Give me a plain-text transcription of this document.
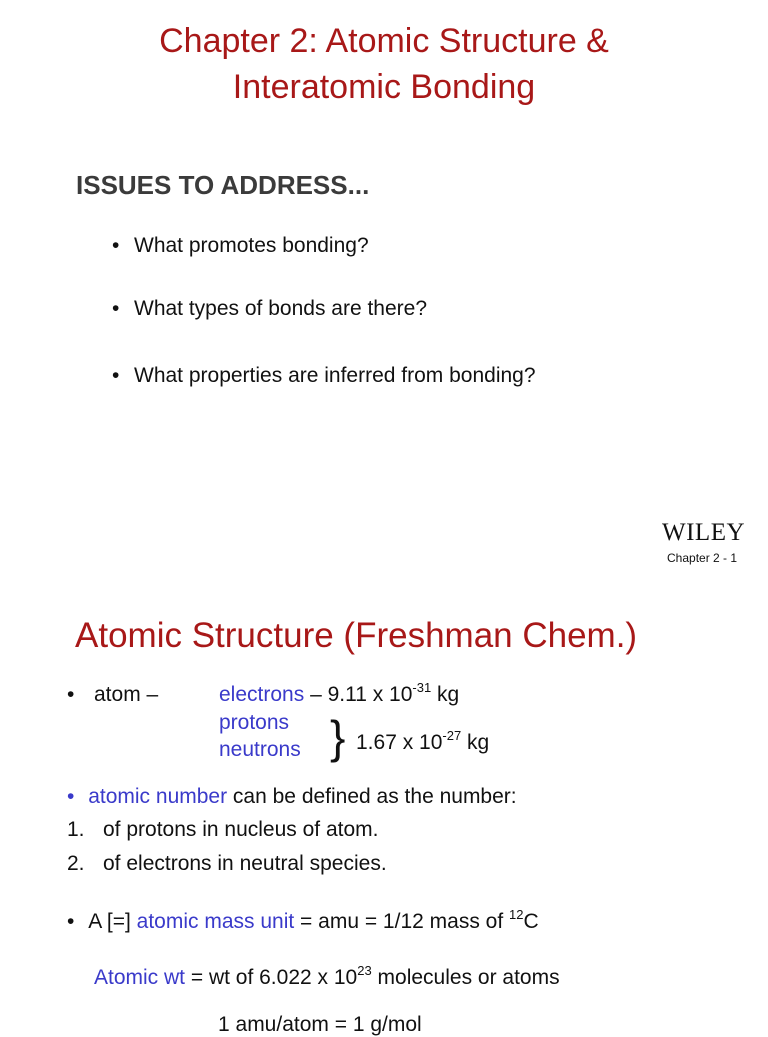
Chapter 2: Atomic Structure &
Interatomic Bonding
ISSUES TO ADDRESS...
• What promotes bonding?
• What types of bonds are there?
• What properties are inferred from bonding?
WILEY
Chapter 2 - 1
Atomic Structure (Freshman Chem.)
• atom –	electrons – 9.11 x $10^{-31}$ kg
protons
neutrons } 1.67 x $10^{-27}$ kg
• atomic number can be defined as the number:
1. of protons in nucleus of atom.
2. of electrons in neutral species.
• A [=] atomic mass unit = amu = 1/12 mass of $^{12}$C
Atomic wt = wt of 6.022 x $10^{23}$ molecules or atoms
1 amu/atom = 1 g/mol
